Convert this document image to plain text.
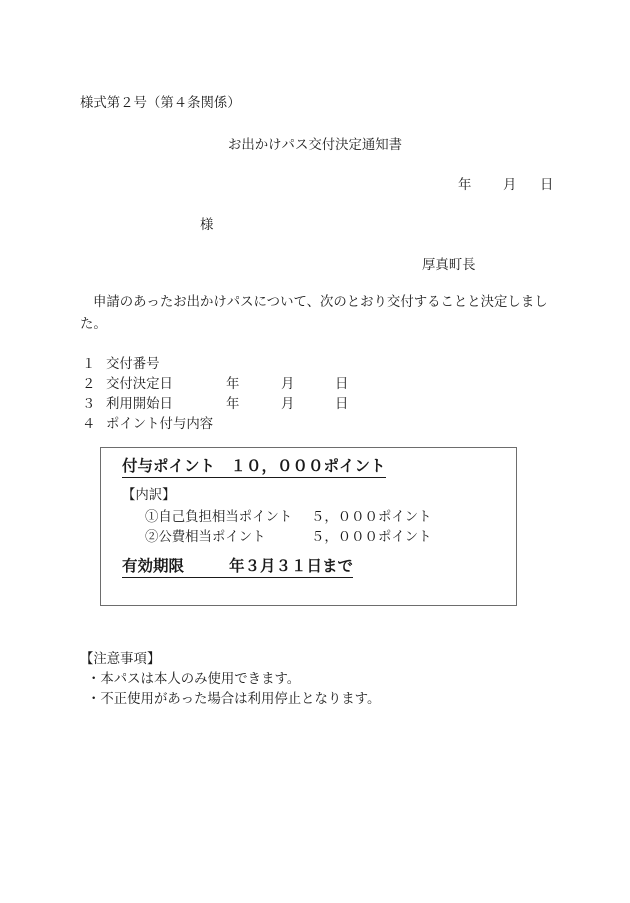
様式第２号（第４条関係）
お出かけパス交付決定通知書
年 月 日
様
厚真町長
申請のあったお出かけパスについて、次のとおり交付することと決定しまし
た。
１ 交付番号
２ 交付決定日	年	月	日
３ 利用開始日	年	月	日
４ ポイント付与内容
付与ポイント　１０，０００ポイント
【内訳】
①自己負担相当ポイント ５，０００ポイント
②公費相当ポイント	５，０００ポイント
有効期限	年３月３１日まで
【注意事項】
・本パスは本人のみ使用できます。
・不正使用があった場合は利用停止となります。
